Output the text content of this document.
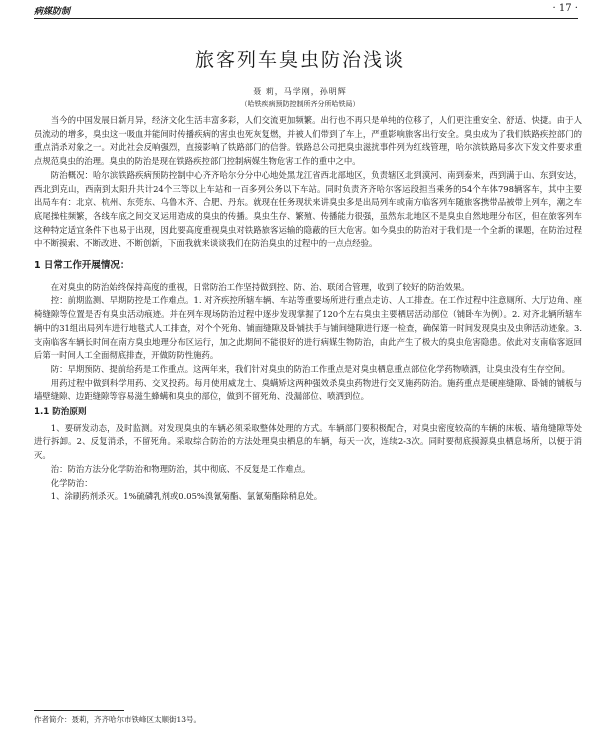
病媒防制	· 17 ·
旅客列车臭虫防治浅谈
聂 莉，马学刚，孙明辉
（哈铁疾病预防控制所齐分所哈铁局）

当今的中国发展日新月异，经济文化生活丰富多彩，人们交流更加频繁。出行也不再只是单纯的位移了，人们更注重安全、舒适、快捷。由于人员流动的增多，臭虫这一吸血并能间时传播疾病的害虫也死灰复燃，并被人们带到了车上，严重影响旅客出行安全。臭虫成为了我们铁路疾控部门的重点消杀对象之一。对此社会反响强烈，直接影响了铁路部门的信誉。铁路总公司把臭虫滋扰事件列为红线管理，哈尔滨铁路局多次下发文件要求重点规范臭虫的治理。臭虫的防治是现在铁路疾控部门控制病媒生物危害工作的重中之中。

防治概况：哈尔滨铁路疾病预防控制中心齐齐哈尔分分中心地处黑龙江省西北部地区，负责辖区北到漠河、南到泰来，西到满于山、东到安达，西北到克山，西南到太阳升共计24个三等以上车站和一百多列公务以下车站。同时负责齐齐哈尔客运段担当乘务的54个车体798辆客车，其中主要出局车有：北京、杭州、东莞东、乌鲁木齐、合肥、丹东。就现在任务现状来讲臭虫多是出局列车或南方临客列车随旅客携带品被带上列车，潮之车底尾操柱频繁，各线车底之间交叉运用造成的臭虫的传播。臭虫生存、繁殖、传播能力很强，虽然东北地区不是臭虫自然地理分布区，但在旅客列车这种特定适宜条件下也易于出现，因此要高度重视臭虫对铁路旅客运输的隐蔽的巨大危害。如今臭虫的防治对于我们是一个全新的课题，在防治过程中不断摸索、不断改进、不断创新，下面我就来谈谈我们在防治臭虫的过程中的一点点经验。

1 日常工作开展情况：

在对臭虫的防治始终保持高度的重视，日常防治工作坚持做到控、防、治、联闭合管理，收到了较好的防治效果。

控：前期监测、早期防控是工作难点。1. 对齐疾控所辖车辆、车站等重要场所进行重点走访、人工排查。在工作过程中注意厕所、大厅边角、座椅缝隙等位置是否有臭虫活动痕迹。并在列车现场防治过程中逐步发现掌握了120个左右臭虫主要栖居活动部位（铺卧车为例）。2. 对齐北辆所辖车辆中的31组出局列车进行地毯式人工排查，对个个死角、铺面缝隙及卧铺扶手与铺间缝隙进行逐一检查，确保第一时间发现臭虫及虫卵活动迹象。3. 支南临客车辆长时间在南方臭虫地理分布区运行，加之此期间不能很好的进行病媒生物防治，由此产生了极大的臭虫危害隐患。依此对支南临客返回后第一时间人工全面彻底排查，开做防防性施药。

防：早期预防、提前给药是工作重点。这两年来，我们针对臭虫的防治工作重点是对臭虫栖息重点部位化学药物喷洒，让臭虫没有生存空间。

用药过程中做到科学用药、交叉投药。每月使用威龙士、臭螨矫这两种强效杀臭虫药物进行交叉施药防治。施药重点是硬座缝隙、卧铺的铺板与墙壁缝隙、边距缝隙等容易滋生蜂螨和臭虫的部位，做到不留死角、没漏部位、喷洒到位。

1.1 防治原则

1、要研发动态，及时监测。对发现臭虫的车辆必须采取整体处理的方式。车辆部门要积极配合，对臭虫密度较高的车辆的床板、墙角缝隙等处进行拆卸。2、反复消杀，不留死角。采取综合防治的方法处理臭虫栖息的车辆，每天一次，连续2-3次。同时要彻底摸源臭虫栖息场所，以便于消灭。

治：防治方法分化学防治和物理防治，其中彻底、不反复是工作难点。

化学防治：

1、涂刷药剂杀灭。1%硫磷乳剂或0.05%溴氰菊酯、氯氰菊酯除稍息处。

作者简介：聂莉，齐齐哈尔市铁峰区太顺街13号。
